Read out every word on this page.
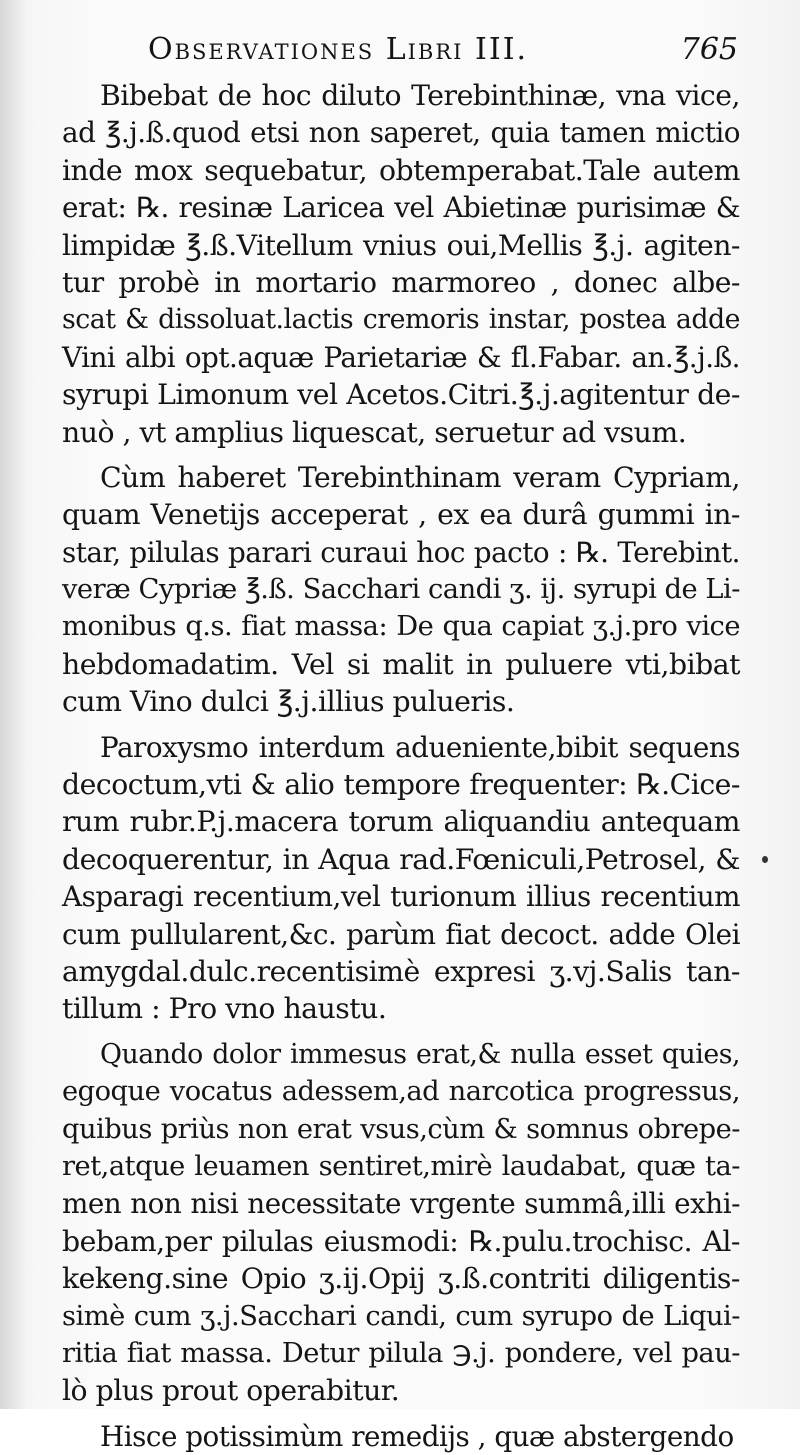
Observationes Libri III.	765
Bibebat de hoc diluto Terebinthinæ, vna vice,
ad ℥.j.ß.quod etsi non saperet, quia tamen mictio
inde mox sequebatur, obtemperabat.Tale autem
erat: ℞. resinæ Laricea vel Abietinæ purisimæ &
limpidæ ℥.ß.Vitellum vnius oui,Mellis ℥.j. agiten-
tur probè in mortario marmoreo , donec albe-
scat & dissoluat.lactis cremoris instar, postea adde
Vini albi opt.aquæ Parietariæ & fl.Fabar. an.℥.j.ß.
syrupi Limonum vel Acetos.Citri.℥.j.agitentur de-
nuò , vt amplius liquescat, seruetur ad vsum.
Cùm haberet Terebinthinam veram Cypriam,
quam Venetijs acceperat , ex ea durâ gummi in-
star, pilulas parari curaui hoc pacto : ℞. Terebint.
veræ Cypriæ ℥.ß. Sacchari candi ʒ. ij. syrupi de Li-
monibus q.s. fiat massa: De qua capiat ʒ.j.pro vice
hebdomadatim. Vel si malit in puluere vti,bibat
cum Vino dulci ℥.j.illius pulueris.
Paroxysmo interdum adueniente,bibit sequens
decoctum,vti & alio tempore frequenter: ℞.Cice-
rum rubr.P.j.macera torum aliquandiu antequam
decoquerentur, in Aqua rad.Fœniculi,Petrosel, &
Asparagi recentium,vel turionum illius recentium
cum pullularent,&c. parùm fiat decoct. adde Olei
amygdal.dulc.recentisimè expresi ʒ.vj.Salis tan-
tillum : Pro vno haustu.
Quando dolor immesus erat,& nulla esset quies,
egoque vocatus adessem,ad narcotica progressus,
quibus priùs non erat vsus,cùm & somnus obrepe-
ret,atque leuamen sentiret,mirè laudabat, quæ ta-
men non nisi necessitate vrgente summâ,illi exhi-
bebam,per pilulas eiusmodi: ℞.pulu.trochisc. Al-
kekeng.sine Opio ʒ.ij.Opij ʒ.ß.contriti diligentis-
simè cum ʒ.j.Sacchari candi, cum syrupo de Liqui-
ritia fiat massa. Detur pilula ℈.j. pondere, vel pau-
lò plus prout operabitur.
Hisce potissimùm remedijs , quæ abstergendo
